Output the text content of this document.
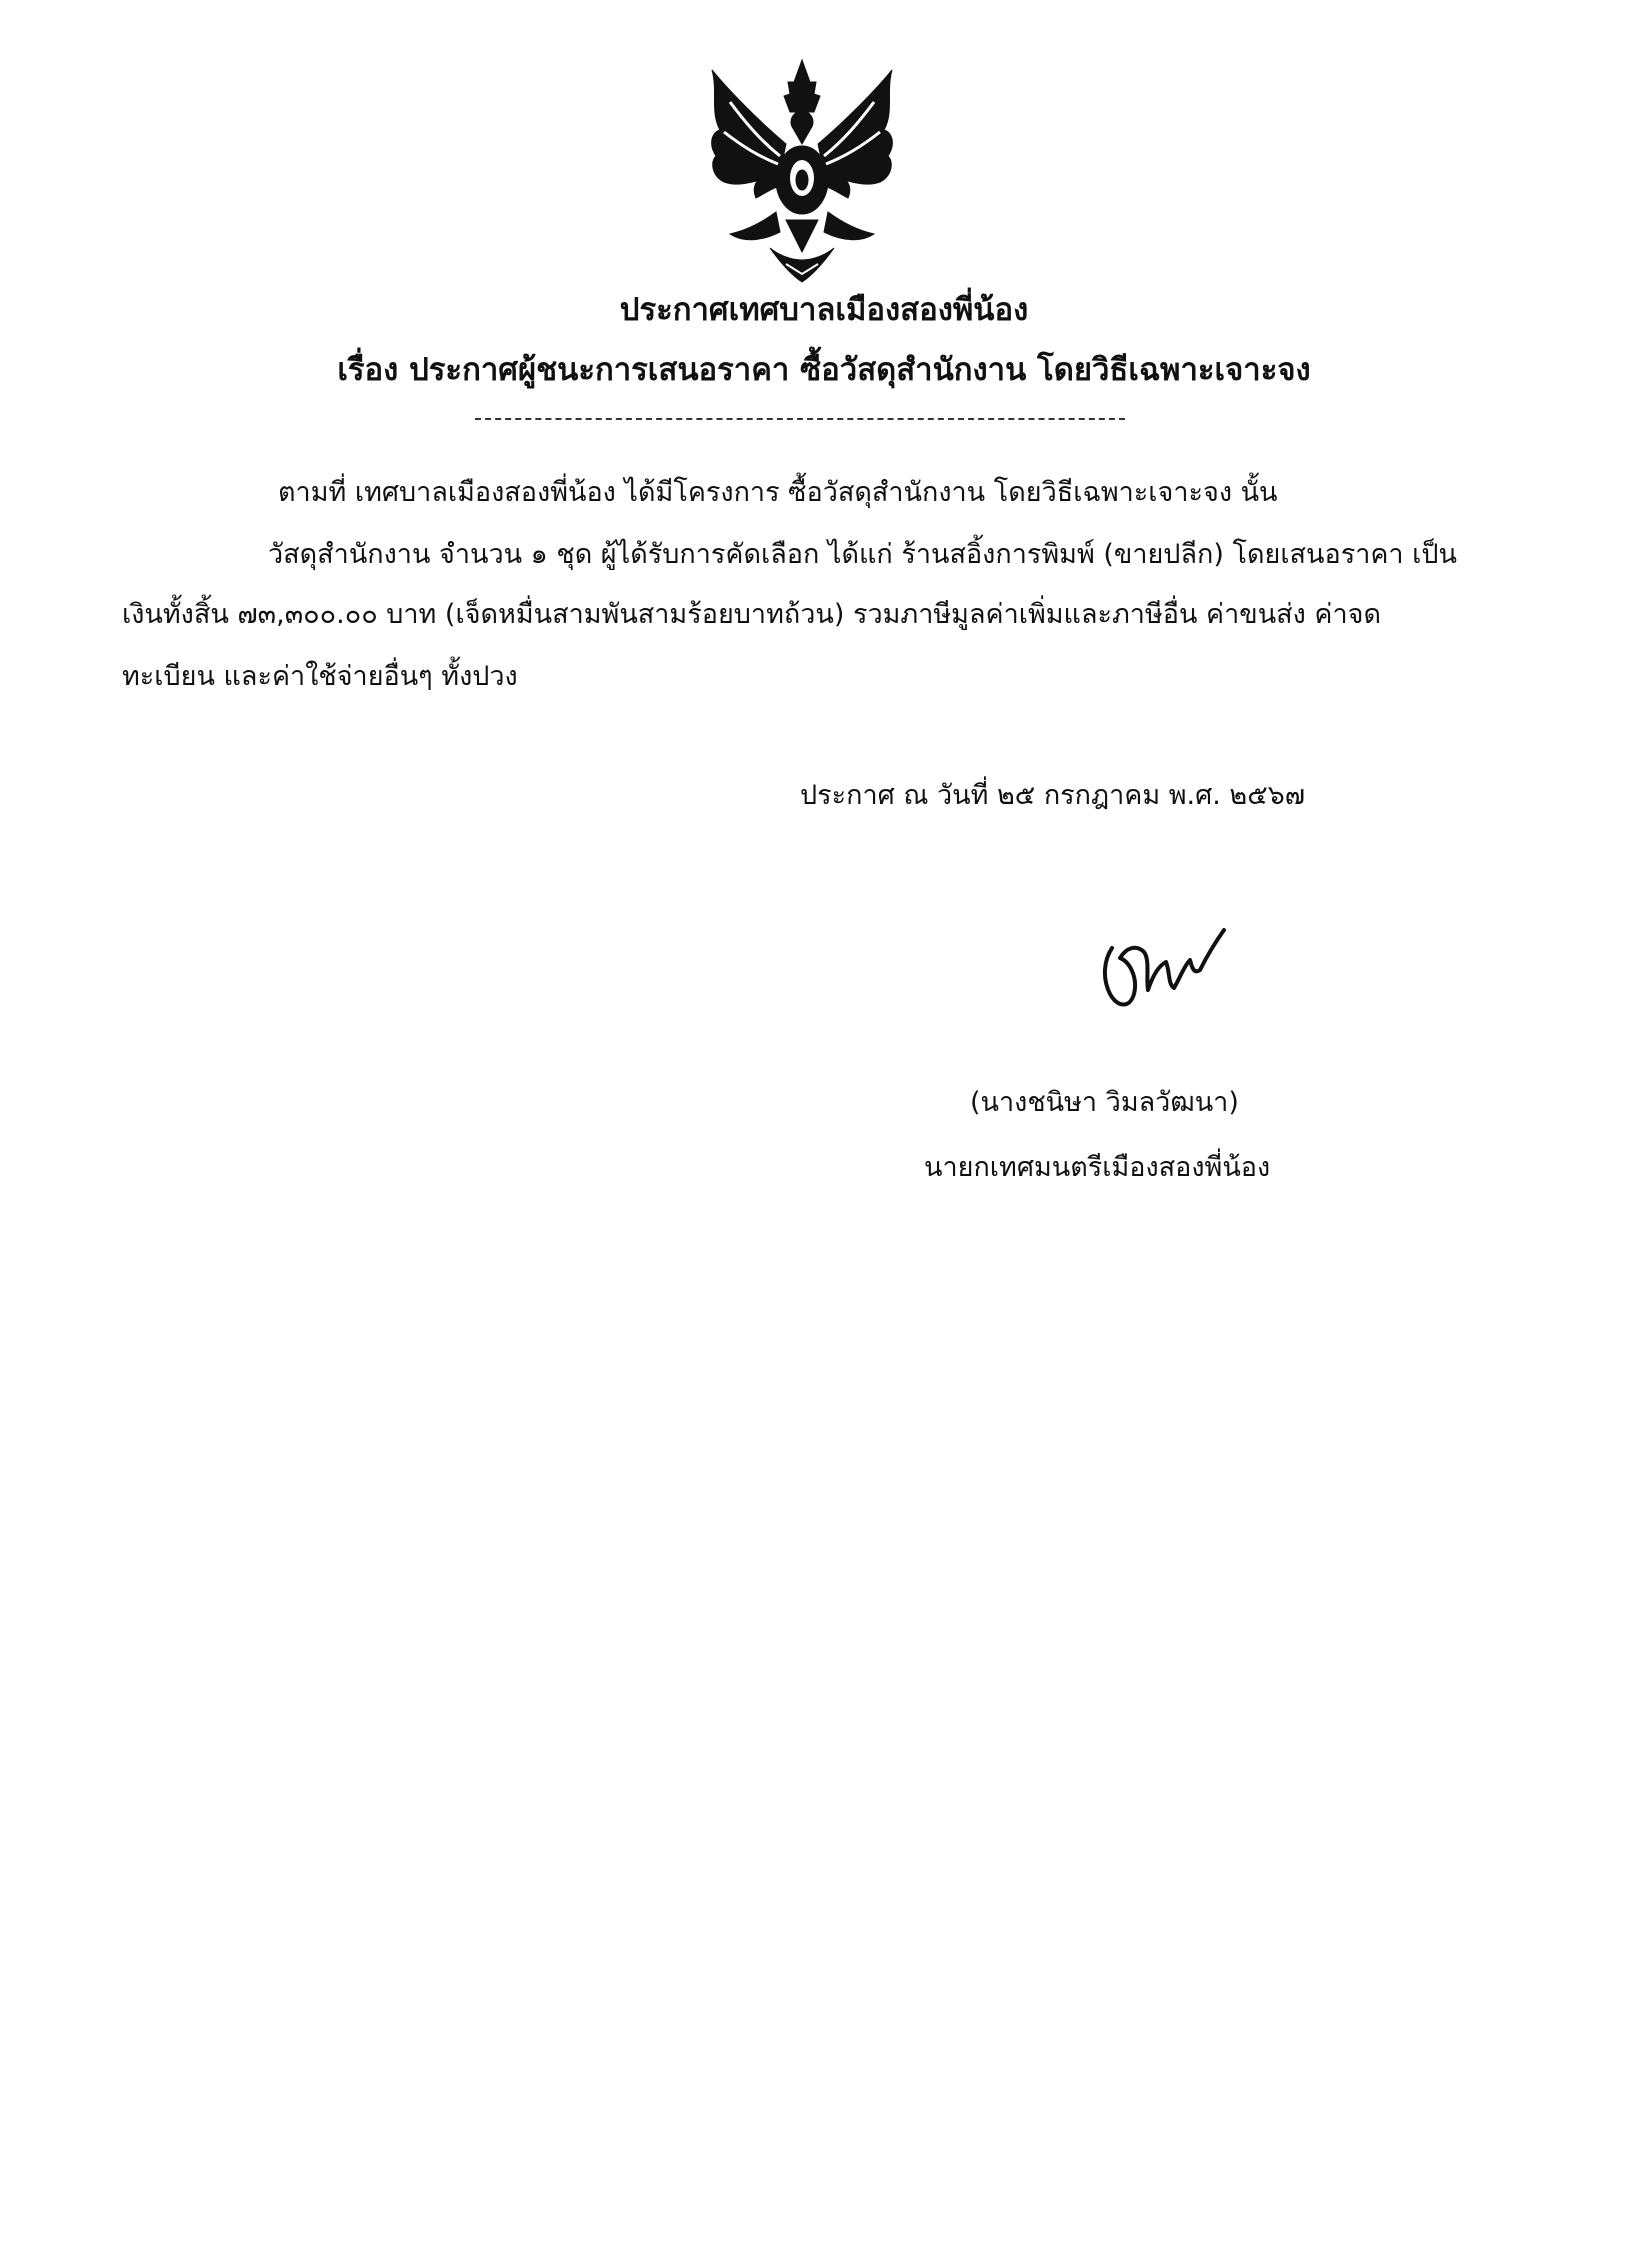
ประกาศเทศบาลเมืองสองพี่น้อง
เรื่อง ประกาศผู้ชนะการเสนอราคา ซื้อวัสดุสำนักงาน โดยวิธีเฉพาะเจาะจง
ตามที่ เทศบาลเมืองสองพี่น้อง ได้มีโครงการ ซื้อวัสดุสำนักงาน โดยวิธีเฉพาะเจาะจง นั้น
วัสดุสำนักงาน จำนวน ๑ ชุด ผู้ได้รับการคัดเลือก ได้แก่ ร้านสอิ้งการพิมพ์ (ขายปลีก) โดยเสนอราคา เป็น
เงินทั้งสิ้น ๗๓,๓๐๐.๐๐ บาท (เจ็ดหมื่นสามพันสามร้อยบาทถ้วน) รวมภาษีมูลค่าเพิ่มและภาษีอื่น ค่าขนส่ง ค่าจด
ทะเบียน และค่าใช้จ่ายอื่นๆ ทั้งปวง
ประกาศ ณ วันที่ ๒๕ กรกฎาคม พ.ศ. ๒๕๖๗
(นางชนิษา วิมลวัฒนา)
นายกเทศมนตรีเมืองสองพี่น้อง
